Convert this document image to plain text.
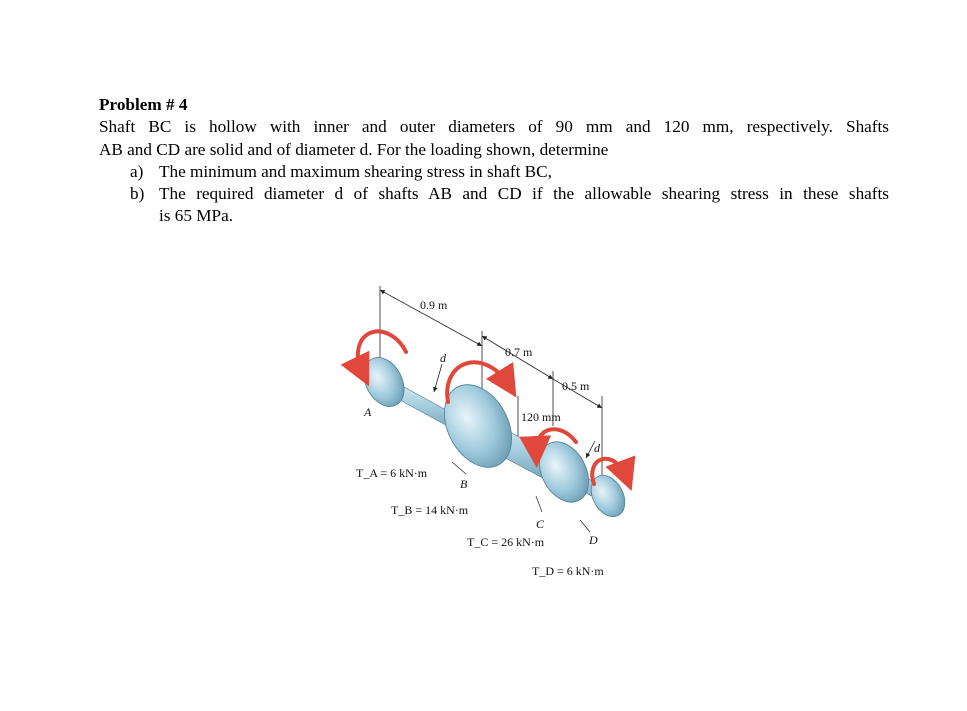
Problem # 4

Shaft BC is hollow with inner and outer diameters of 90 mm and 120 mm, respectively. Shafts
AB and CD are solid and of diameter d. For the loading shown, determine

a) The minimum and maximum shearing stress in shaft BC,
b) The required diameter d of shafts AB and CD if the allowable shearing stress in these shafts
is 65 MPa.
0.9 m
0.7 m
0.5 m
120 mm
d
d
A
B
C
D
T_A = 6 kN·m
T_B = 14 kN·m
T_C = 26 kN·m
T_D = 6 kN·m
